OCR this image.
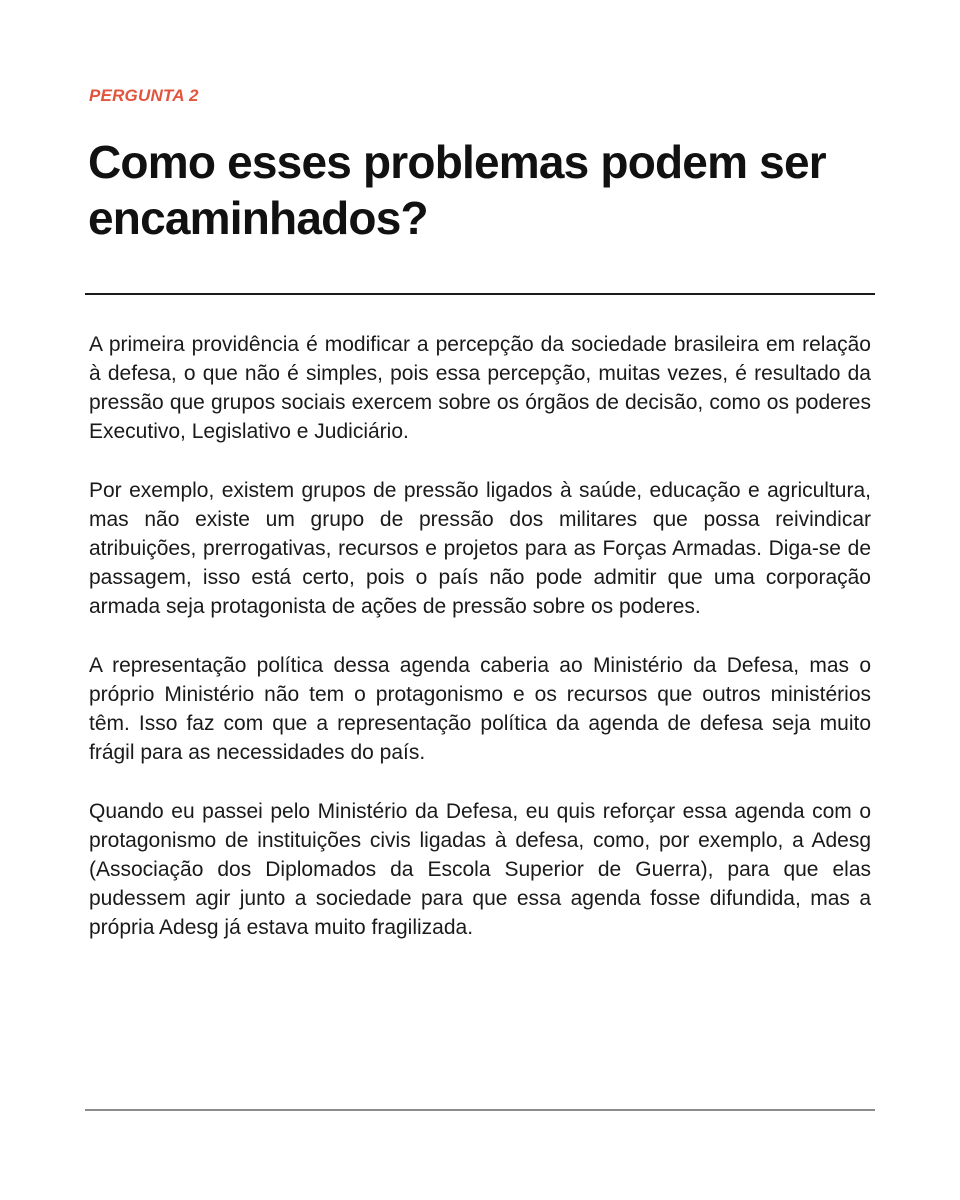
PERGUNTA 2
Como esses problemas podem ser encaminhados?

A primeira providência é modificar a percepção da sociedade brasileira em relação à defesa, o que não é simples, pois essa percepção, muitas vezes, é resultado da pressão que grupos sociais exercem sobre os órgãos de decisão, como os poderes Executivo, Legislativo e Judiciário.

Por exemplo, existem grupos de pressão ligados à saúde, educação e agricultura, mas não existe um grupo de pressão dos militares que possa reivindicar atribuições, prerrogativas, recursos e projetos para as Forças Armadas. Diga-se de passagem, isso está certo, pois o país não pode admitir que uma corporação armada seja protagonista de ações de pressão sobre os poderes.

A representação política dessa agenda caberia ao Ministério da Defesa, mas o próprio Ministério não tem o protagonismo e os recursos que outros ministérios têm. Isso faz com que a representação política da agenda de defesa seja muito frágil para as necessidades do país.

Quando eu passei pelo Ministério da Defesa, eu quis reforçar essa agenda com o protagonismo de instituições civis ligadas à defesa, como, por exemplo, a Adesg (Associação dos Diplomados da Escola Superior de Guerra), para que elas pudessem agir junto a sociedade para que essa agenda fosse difundida, mas a própria Adesg já estava muito fragilizada.
